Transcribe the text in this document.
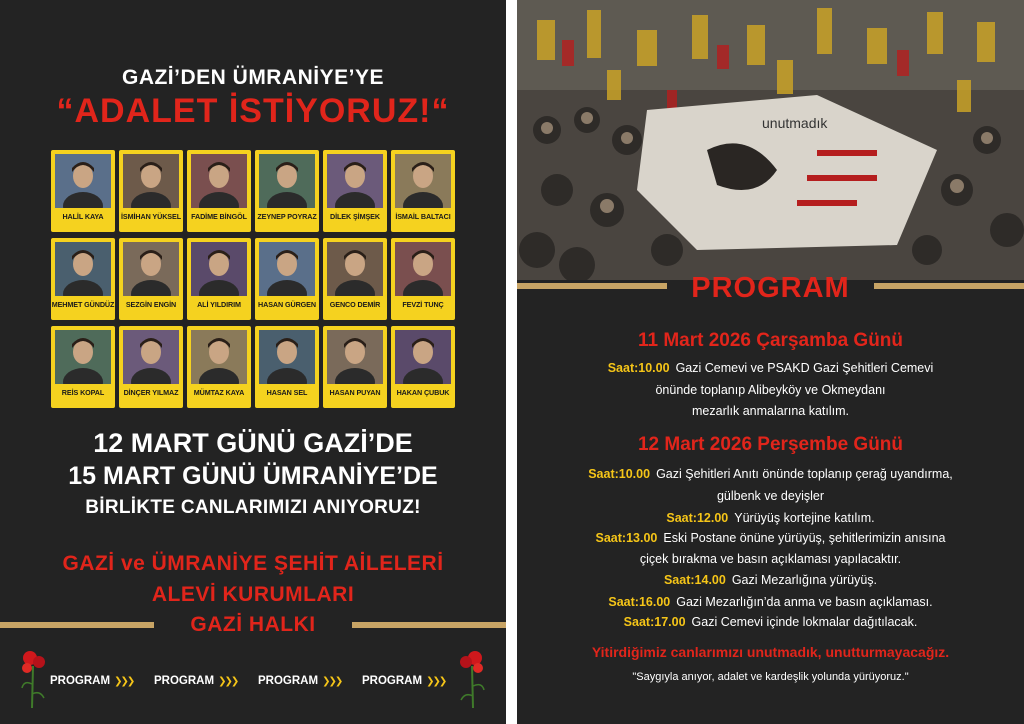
GAZİ’DEN ÜMRANİYE’YE
“ADALET İSTİYORUZ!“
HALİL KAYA	İSMİHAN YÜKSEL	FADİME BİNGÖL	ZEYNEP POYRAZ	DİLEK ŞİMŞEK	İSMAİL BALTACI
MEHMET GÜNDÜZ	SEZGİN ENGİN	ALİ YILDIRIM	HASAN GÜRGEN	GENCO DEMİR	FEVZİ TUNÇ
REİS KOPAL	DİNÇER YILMAZ	MÜMTAZ KAYA	HASAN SEL	HASAN PUYAN	HAKAN ÇUBUK
12 MART GÜNÜ GAZİ’DE
15 MART GÜNÜ ÜMRANİYE’DE
BİRLİKTE CANLARIMIZI ANIYORUZ!
GAZİ ve ÜMRANİYE ŞEHİT AİLELERİ
ALEVİ KURUMLARI
GAZİ HALKI
PROGRAM ❯❯❯ PROGRAM ❯❯❯ PROGRAM ❯❯❯ PROGRAM ❯❯❯
unutmadık
PROGRAM
11 Mart 2026 Çarşamba Günü
Saat:10.00 Gazi Cemevi ve PSAKD Gazi Şehitleri Cemevi
önünde toplanıp Alibeyköy ve Okmeydanı
mezarlık anmalarına katılım.
12 Mart 2026 Perşembe Günü
Saat:10.00 Gazi Şehitleri Anıtı önünde toplanıp çerağ uyandırma,
gülbenk ve deyişler
Saat:12.00 Yürüyüş kortejine katılım.
Saat:13.00 Eski Postane önüne yürüyüş, şehitlerimizin anısına
çiçek bırakma ve basın açıklaması yapılacaktır.
Saat:14.00 Gazi Mezarlığına yürüyüş.
Saat:16.00 Gazi Mezarlığın’da anma ve basın açıklaması.
Saat:17.00 Gazi Cemevi içinde lokmalar dağıtılacak.
Yitirdiğimiz canlarımızı unutmadık, unutturmayacağız.
"Saygıyla anıyor, adalet ve kardeşlik yolunda yürüyoruz."
